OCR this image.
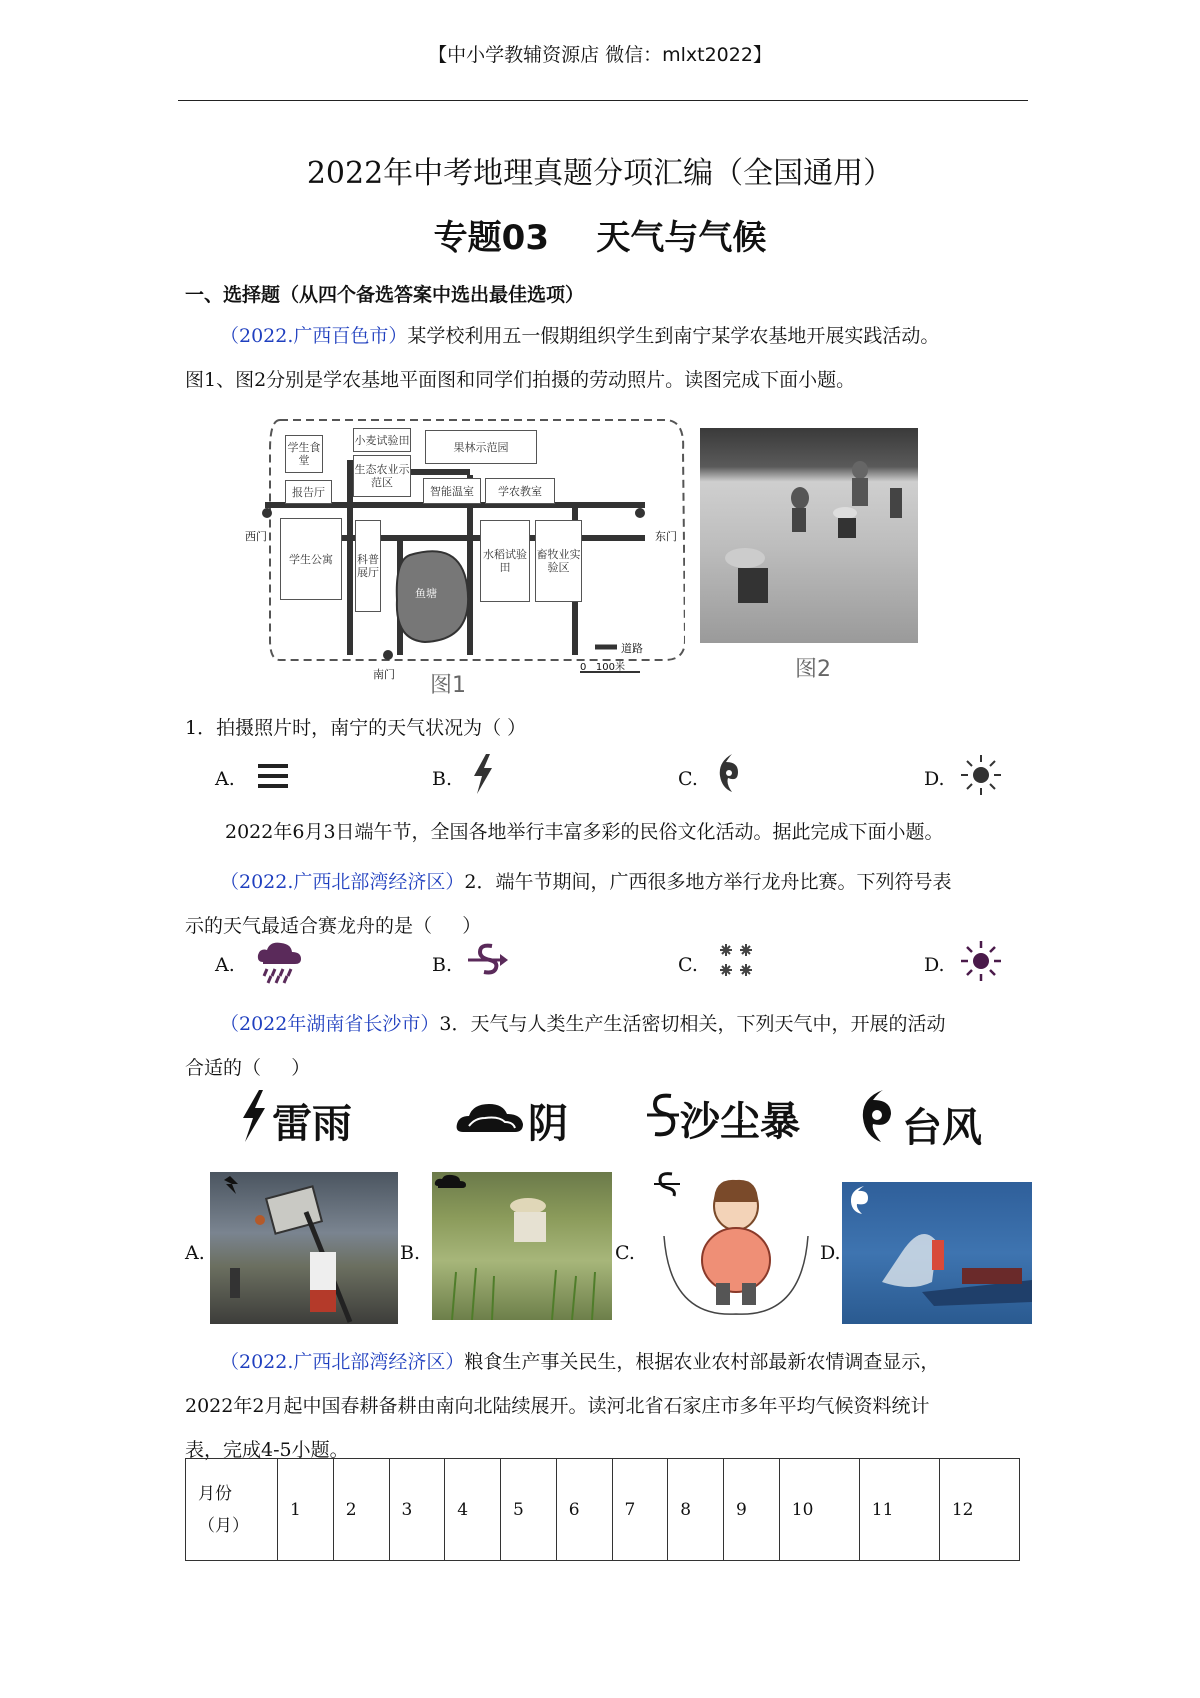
【中小学教辅资源店 微信：mlxt2022】
2022年中考地理真题分项汇编（全国通用）
专题03    天气与气候
一、选择题（从四个备选答案中选出最佳选项）
（2022.广西百色市）某学校利用五一假期组织学生到南宁某学农基地开展实践活动。
图1、图2分别是学农基地平面图和同学们拍摄的劳动照片。读图完成下面小题。
学生食堂
小麦试验田
果林示范园
生态农业示范区
报告厅	智能温室	学农教室
学生公寓	科普展厅
鱼塘
水稻试验田
畜牧业实验区
西门	东门
南门
道路
0   100米
图1
图2
1．拍摄照片时，南宁的天气状况为（ ）
A.	B.	C.	D.
2022年6月3日端午节，全国各地举行丰富多彩的民俗文化活动。据此完成下面小题。
（2022.广西北部湾经济区）2．端午节期间，广西很多地方举行龙舟比赛。下列符号表
示的天气最适合赛龙舟的是（     ）
A.	B.	C.	D.
（2022年湖南省长沙市）3．天气与人类生产生活密切相关，下列天气中，开展的活动
合适的（     ）
雷雨	阴	沙尘暴	台风
A.	B.	C.	D.
（2022.广西北部湾经济区）粮食生产事关民生，根据农业农村部最新农情调查显示，
2022年2月起中国春耕备耕由南向北陆续展开。读河北省石家庄市多年平均气候资料统计
表，完成4-5小题。
月份
（月）
	1	2	3	4	5	6	7	8	9	10	11	12
